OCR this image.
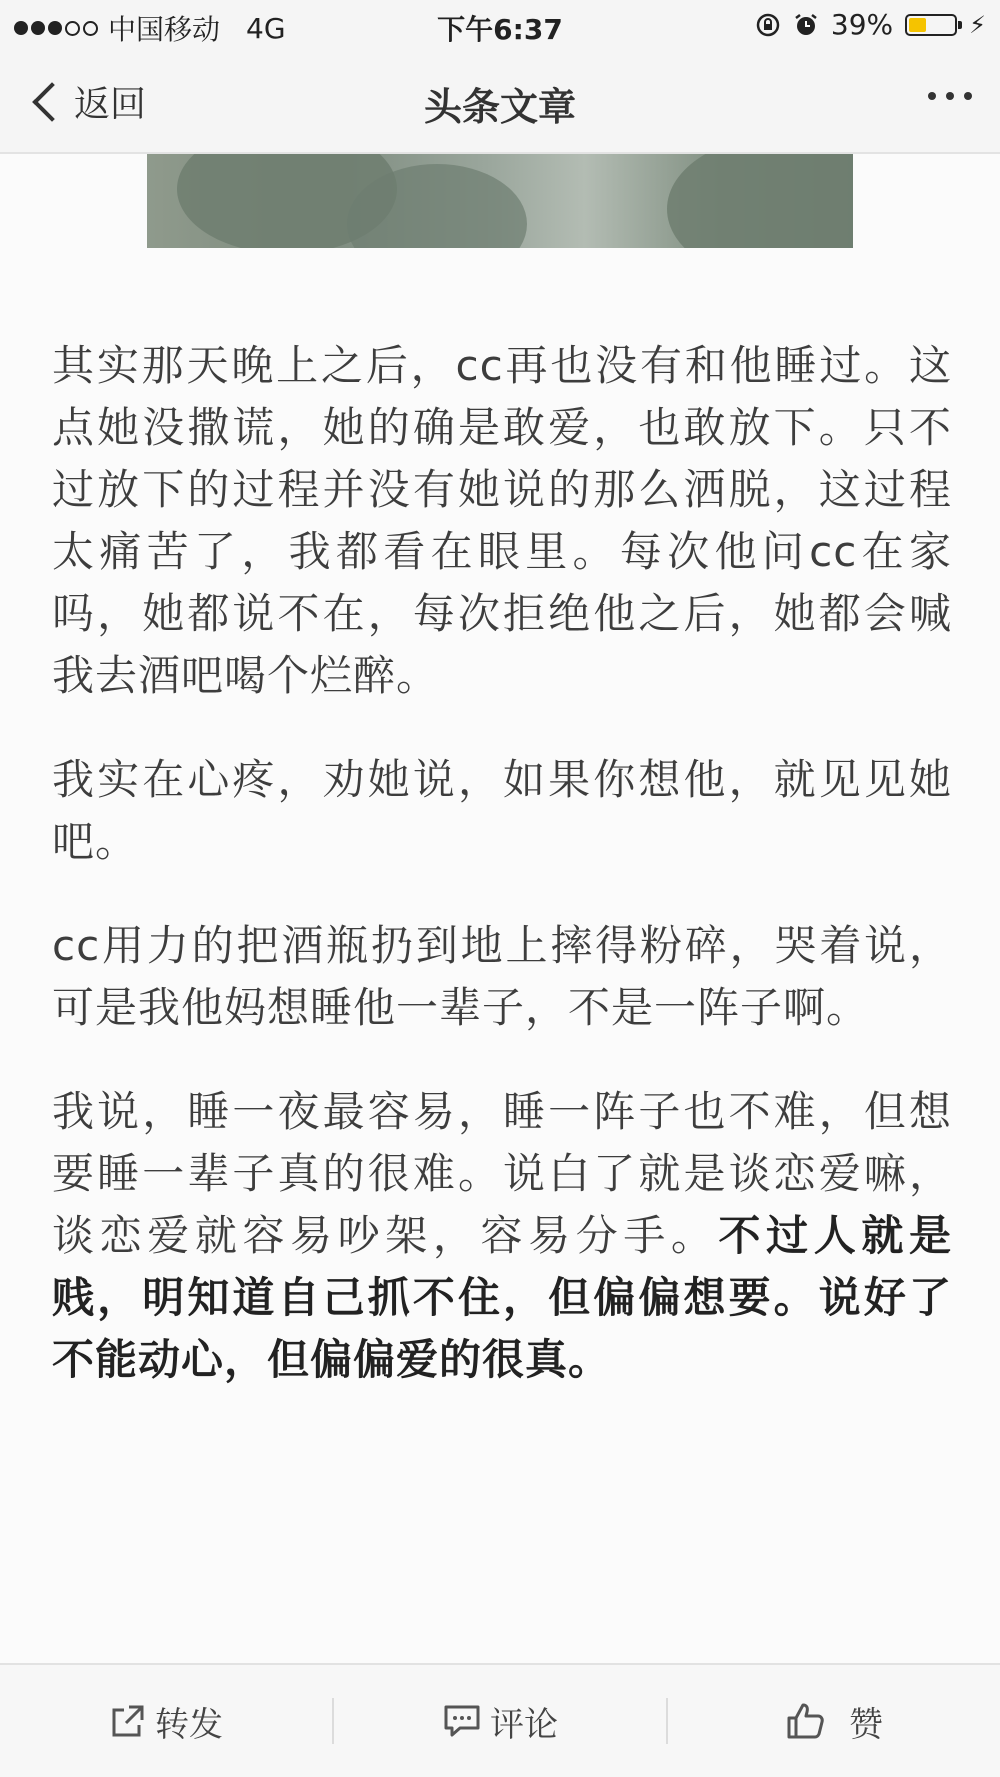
中国移动 4G	下午6:37	39%	⚡
返回	头条文章

其实那天晚上之后，cc再也没有和他睡过。这点她没撒谎，她的确是敢爱，也敢放下。只不过放下的过程并没有她说的那么洒脱，这过程太痛苦了，我都看在眼里。每次他问cc在家吗，她都说不在，每次拒绝他之后，她都会喊我去酒吧喝个烂醉。

我实在心疼，劝她说，如果你想他，就见见她吧。

cc用力的把酒瓶扔到地上摔得粉碎，哭着说，可是我他妈想睡他一辈子，不是一阵子啊。

我说，睡一夜最容易，睡一阵子也不难，但想要睡一辈子真的很难。说白了就是谈恋爱嘛，谈恋爱就容易吵架，容易分手。不过人就是贱，明知道自己抓不住，但偏偏想要。说好了不能动心，但偏偏爱的很真。

转发	评论	赞
